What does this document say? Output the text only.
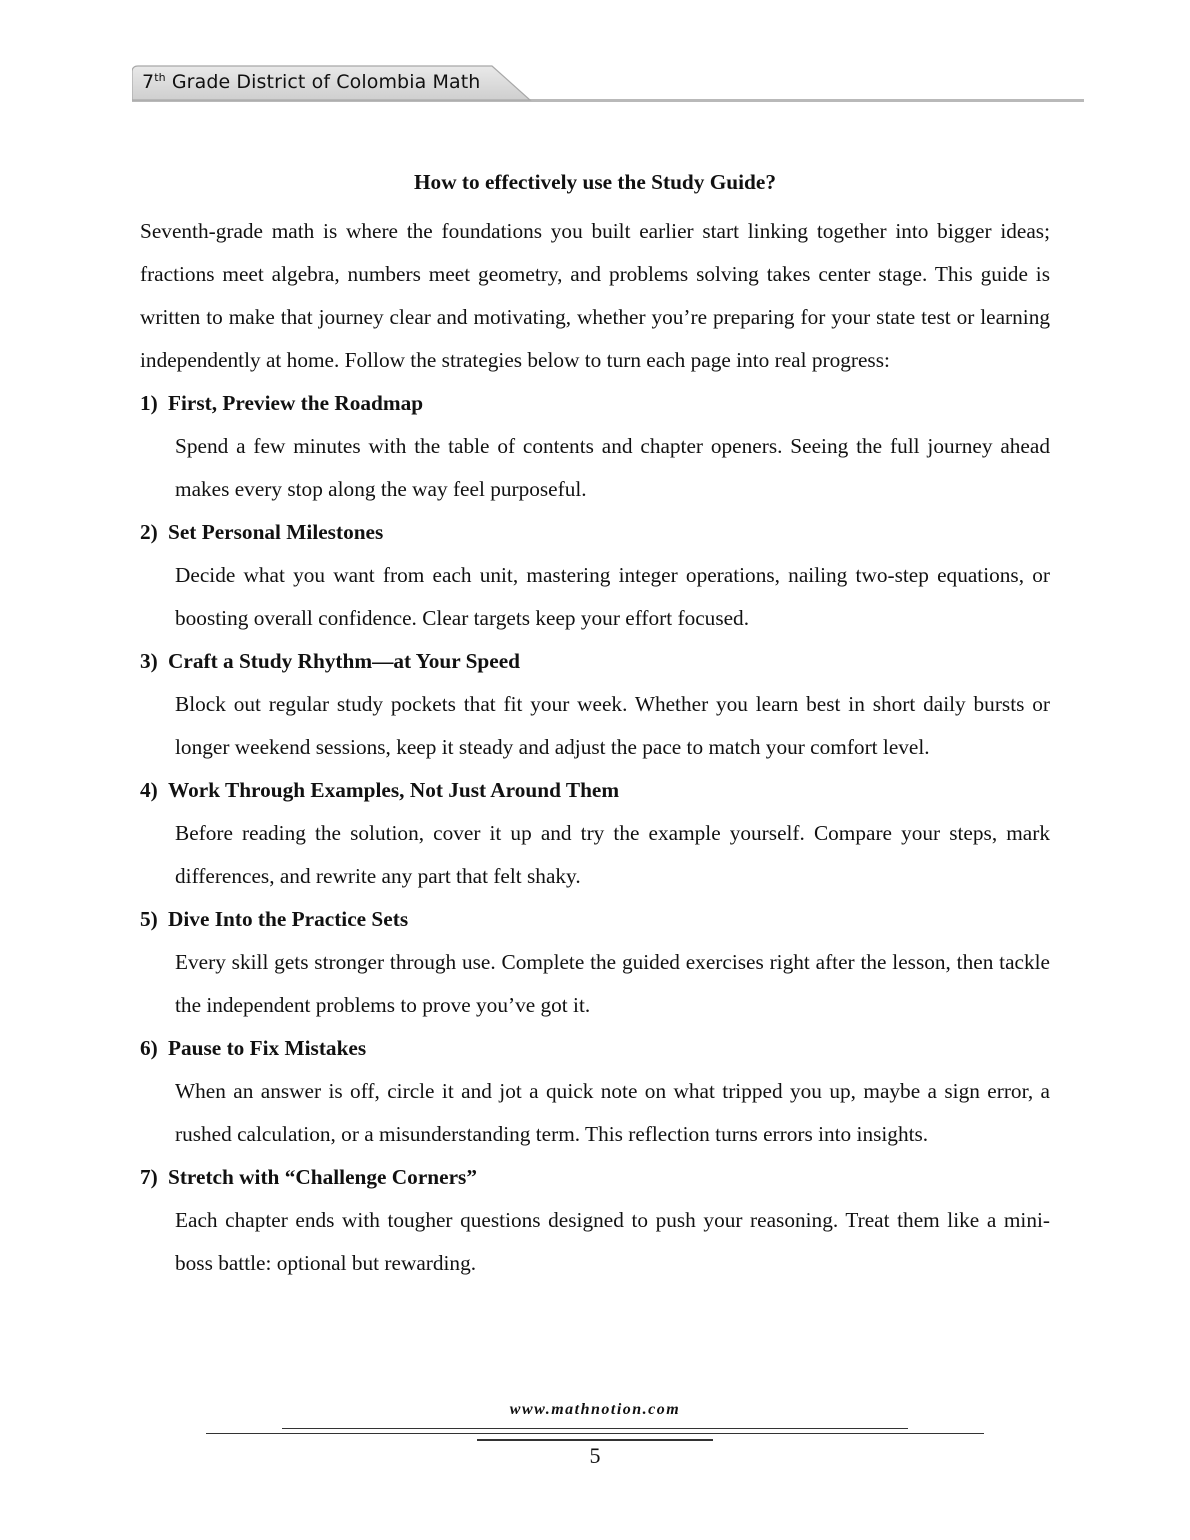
7th Grade District of Colombia Math

How to effectively use the Study Guide?

Seventh-grade math is where the foundations you built earlier start linking together into bigger ideas; fractions meet algebra, numbers meet geometry, and problems solving takes center stage. This guide is written to make that journey clear and motivating, whether you’re preparing for your state test or learning independently at home. Follow the strategies below to turn each page into real progress:

1) First, Preview the Roadmap

Spend a few minutes with the table of contents and chapter openers. Seeing the full journey ahead makes every stop along the way feel purposeful.

2) Set Personal Milestones

Decide what you want from each unit, mastering integer operations, nailing two-step equations, or boosting overall confidence. Clear targets keep your effort focused.

3) Craft a Study Rhythm—at Your Speed

Block out regular study pockets that fit your week. Whether you learn best in short daily bursts or longer weekend sessions, keep it steady and adjust the pace to match your comfort level.

4) Work Through Examples, Not Just Around Them

Before reading the solution, cover it up and try the example yourself. Compare your steps, mark differences, and rewrite any part that felt shaky.

5) Dive Into the Practice Sets

Every skill gets stronger through use. Complete the guided exercises right after the lesson, then tackle the independent problems to prove you’ve got it.

6) Pause to Fix Mistakes

When an answer is off, circle it and jot a quick note on what tripped you up, maybe a sign error, a rushed calculation, or a misunderstanding term. This reflection turns errors into insights.

7) Stretch with “Challenge Corners”

Each chapter ends with tougher questions designed to push your reasoning. Treat them like a mini-boss battle: optional but rewarding.

www.mathnotion.com
5
